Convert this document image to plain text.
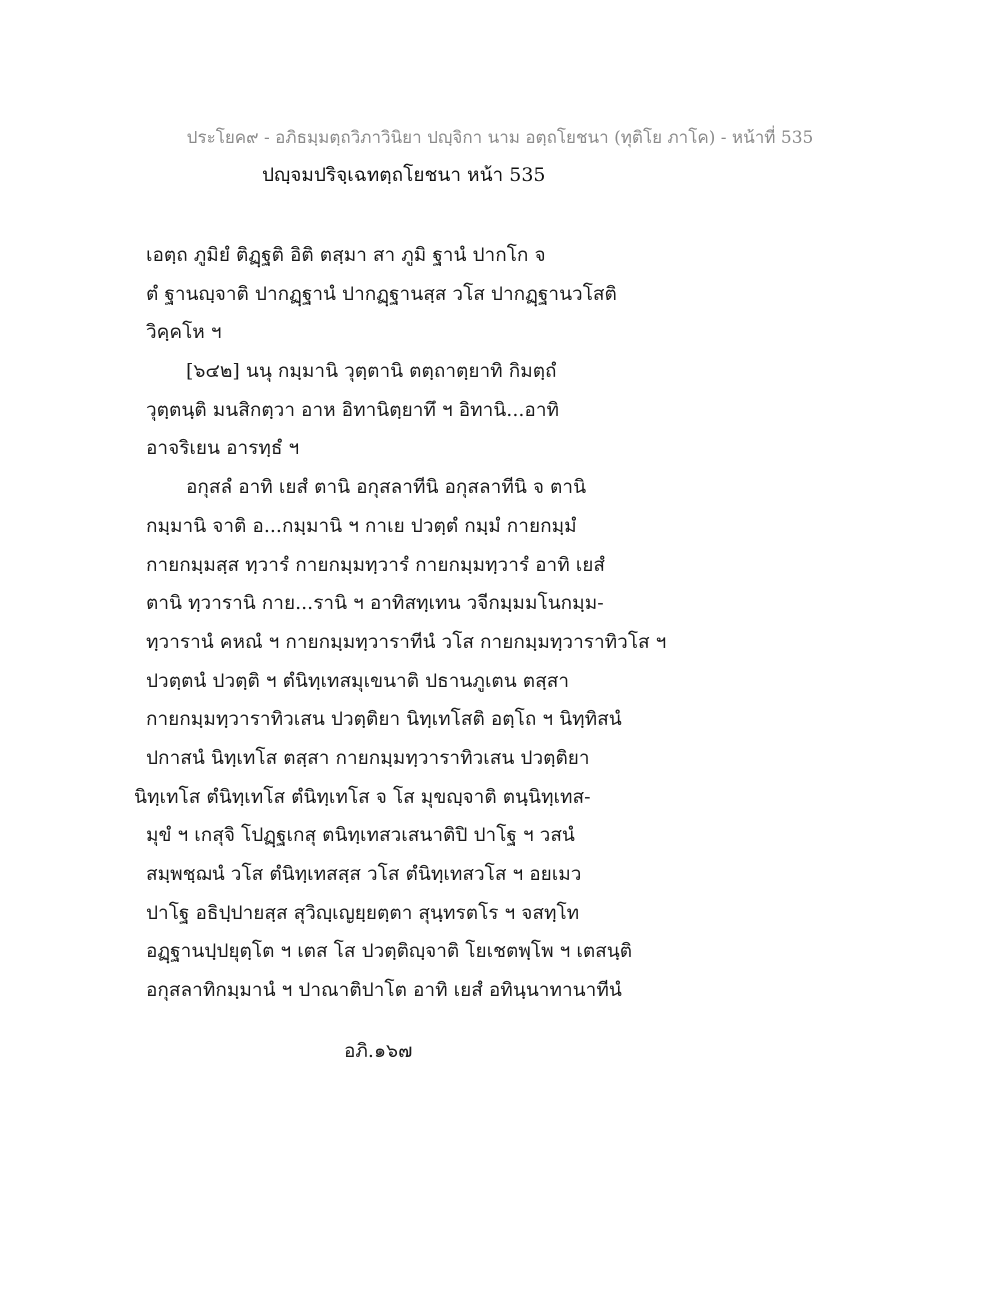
ประโยค๙ - อภิธมฺมตฺถวิภาวินิยา ปญฺจิกา นาม อตฺถโยชนา (ทุติโย ภาโค) - หน้าที่ 535
ปญฺจมปริจฺเฉทตฺถโยชนา หน้า 535
เอตฺถ ภูมิยํ ติฏฺฐติ อิติ ตสฺมา สา ภูมิ ฐานํ ปากโก จ
ตํ ฐานญฺจาติ ปากฏฺฐานํ ปากฏฺฐานสฺส วโส ปากฏฺฐานวโสติ
วิคฺคโห ฯ
[๖๔๒] นนุ กมฺมานิ วุตฺตานิ ตตฺถาตฺยาทิ กิมตฺถํ
วุตฺตนฺติ มนสิกตฺวา อาห อิทานิตฺยาทึ ฯ อิทานิ...อาทิ
อาจริเยน อารทฺธํ ฯ
อกุสลํ อาทิ เยสํ ตานิ อกุสลาทีนิ อกุสลาทีนิ จ ตานิ
กมฺมานิ จาติ อ...กมฺมานิ ฯ กาเย ปวตฺตํ กมฺมํ กายกมฺมํ
กายกมฺมสฺส ทฺวารํ กายกมฺมทฺวารํ กายกมฺมทฺวารํ อาทิ เยสํ
ตานิ ทฺวารานิ กาย...รานิ ฯ อาทิสทฺเทน วจีกมฺมมโนกมฺม-
ทฺวารานํ คหณํ ฯ กายกมฺมทฺวาราทีนํ วโส กายกมฺมทฺวาราทิวโส ฯ
ปวตฺตนํ ปวตฺติ ฯ ตํนิทฺเทสมุเขนาติ ปธานภูเตน ตสฺสา
กายกมฺมทฺวาราทิวเสน ปวตฺติยา นิทฺเทโสติ อตฺโถ ฯ นิทฺทิสนํ
ปกาสนํ นิทฺเทโส ตสฺสา กายกมฺมทฺวาราทิวเสน ปวตฺติยา
นิทฺเทโส ตํนิทฺเทโส ตํนิทฺเทโส จ โส มุขญฺจาติ ตนฺนิทฺเทส-
มุขํ ฯ เกสุจิ โปฏฺฐเกสุ ตนิทฺเทสวเสนาติปิ ปาโฐ ฯ วสนํ
สมฺพชฺฌนํ วโส ตํนิทฺเทสสฺส วโส ตํนิทฺเทสวโส ฯ อยเมว
ปาโฐ อธิปฺปายสฺส สุวิญฺเญยฺยตฺตา สุนฺทรตโร ฯ จสทฺโท
อฏฺฐานปฺปยุตฺโต ฯ เตส โส ปวตฺติญฺจาติ โยเชตพฺโพ ฯ เตสนฺติ
อกุสลาทิกมฺมานํ ฯ ปาณาติปาโต อาทิ เยสํ อทินฺนาทานาทีนํ
อภิ.๑๖๗
